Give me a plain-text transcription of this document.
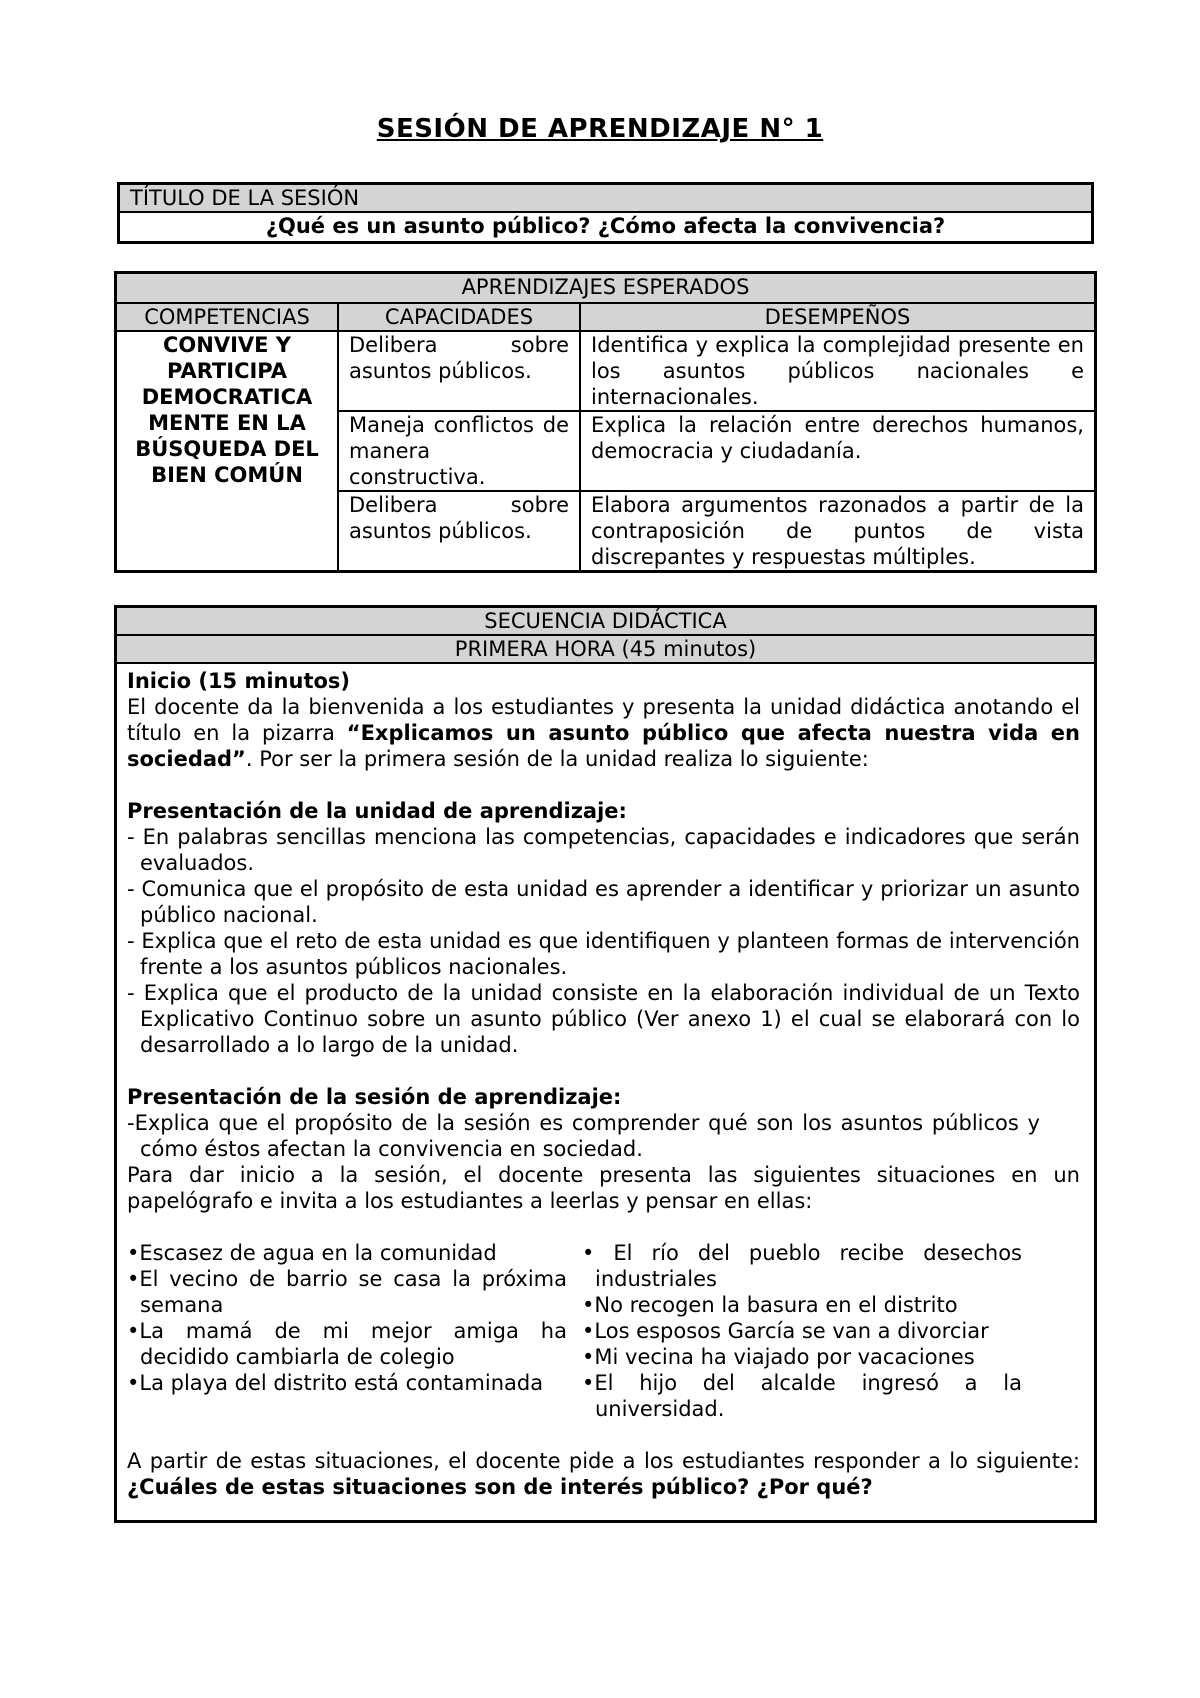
SESIÓN DE APRENDIZAJE N° 1
TÍTULO DE LA SESIÓN
¿Qué es un asunto público? ¿Cómo afecta la convivencia?
APRENDIZAJES ESPERADOS		
COMPETENCIAS	CAPACIDADES	DESEMPEÑOS
CONVIVE Y PARTICIPA DEMOCRATICA MENTE EN LA BÚSQUEDA DEL BIEN COMÚN	Delibera sobre asuntos públicos.	Identifica y explica la complejidad presente en los asuntos públicos nacionales e internacionales.
	Maneja conflictos de manera constructiva.	Explica la relación entre derechos humanos, democracia y ciudadanía.
	Delibera sobre asuntos públicos.	Elabora argumentos razonados a partir de la contraposición de puntos de vista discrepantes y respuestas múltiples.
SECUENCIA DIDÁCTICA
PRIMERA HORA (45 minutos)

Inicio (15 minutos)

El docente da la bienvenida a los estudiantes y presenta la unidad didáctica anotando el título en la pizarra “Explicamos un asunto público que afecta nuestra vida en sociedad”. Por ser la primera sesión de la unidad realiza lo siguiente:

Presentación de la unidad de aprendizaje:

- En palabras sencillas menciona las competencias, capacidades e indicadores que serán evaluados.

- Comunica que el propósito de esta unidad es aprender a identificar y priorizar un asunto público nacional.

- Explica que el reto de esta unidad es que identifiquen y planteen formas de intervención frente a los asuntos públicos nacionales.

- Explica que el producto de la unidad consiste en la elaboración individual de un Texto Explicativo Continuo sobre un asunto público (Ver anexo 1) el cual se elaborará con lo desarrollado a lo largo de la unidad.

Presentación de la sesión de aprendizaje:

-Explica que el propósito de la sesión es comprender qué son los asuntos públicos y cómo éstos afectan la convivencia en sociedad.

Para dar inicio a la sesión, el docente presenta las siguientes situaciones en un papelógrafo e invita a los estudiantes a leerlas y pensar en ellas:

•Escasez de agua en la comunidad

•El vecino de barrio se casa la próxima semana

•La mamá de mi mejor amiga ha decidido cambiarla de colegio

•La playa del distrito está contaminada

• El río del pueblo recibe desechos industriales

•No recogen la basura en el distrito

•Los esposos García se van a divorciar

•Mi vecina ha viajado por vacaciones

•El hijo del alcalde ingresó a la universidad.

A partir de estas situaciones, el docente pide a los estudiantes responder a lo siguiente: ¿Cuáles de estas situaciones son de interés público? ¿Por qué?
